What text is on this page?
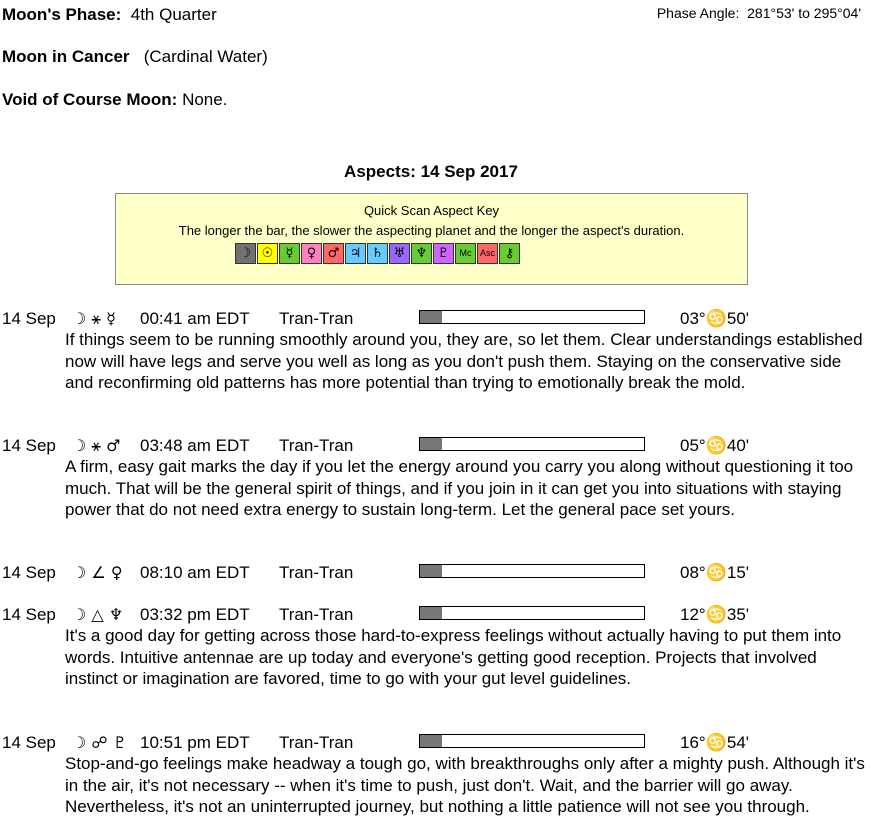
Moon's Phase: 4th Quarter	Phase Angle: 281°53' to 295°04'
Moon in Cancer (Cardinal Water)
Void of Course Moon: None.
Aspects: 14 Sep 2017
Quick Scan Aspect Key
The longer the bar, the slower the aspecting planet and the longer the aspect's duration.
☽ ☉ ☿	♀ ♂ ♃ ♄ ♅ ♆ ♇	Mc Asc ⚷
14 Sep ☽ ⚹ ☿ 00:41 am EDT Tran-Tran	03°♋50'
If things seem to be running smoothly around you, they are, so let them. Clear understandings established now will have legs and serve you well as long as you don't push them. Staying on the conservative side and reconfirming old patterns has more potential than trying to emotionally break the mold.
14 Sep ☽ ⚹ ♂ 03:48 am EDT Tran-Tran	05°♋40'
A firm, easy gait marks the day if you let the energy around you carry you along without questioning it too much. That will be the general spirit of things, and if you join in it can get you into situations with staying power that do not need extra energy to sustain long-term. Let the general pace set yours.
14 Sep ☽ ∠ ♀ 08:10 am EDT Tran-Tran	08°♋15'
14 Sep ☽ △ ♆ 03:32 pm EDT Tran-Tran	12°♋35'
It's a good day for getting across those hard-to-express feelings without actually having to put them into words. Intuitive antennae are up today and everyone's getting good reception. Projects that involved instinct or imagination are favored, time to go with your gut level guidelines.
14 Sep ☽ ☍ ♇ 10:51 pm EDT Tran-Tran	16°♋54'
Stop-and-go feelings make headway a tough go, with breakthroughs only after a mighty push. Although it's in the air, it's not necessary -- when it's time to push, just don't. Wait, and the barrier will go away. Nevertheless, it's not an uninterrupted journey, but nothing a little patience will not see you through.
